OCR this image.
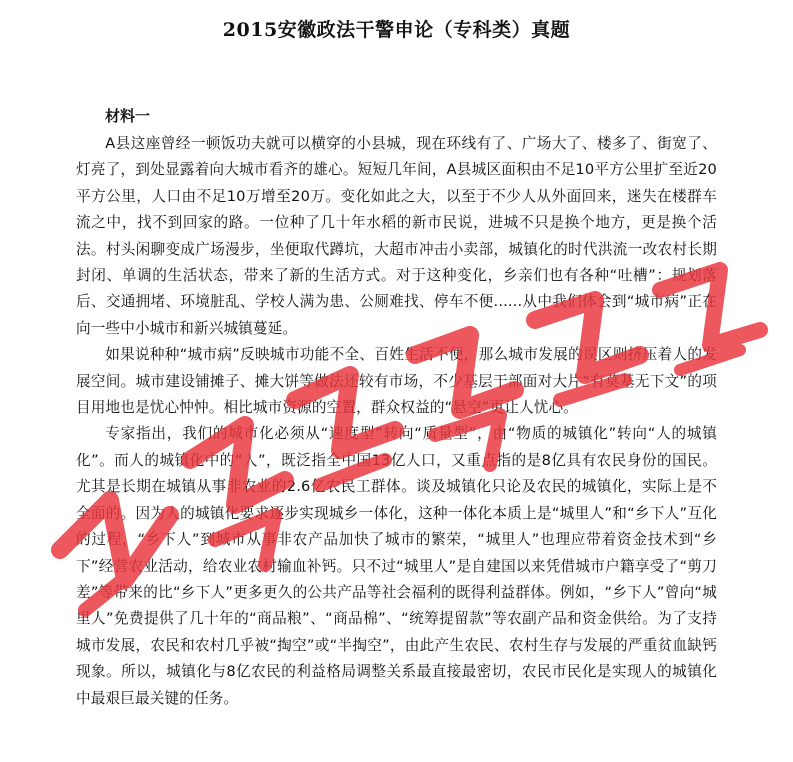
2015安徽政法干警申论（专科类）真题
材料一

A县这座曾经一顿饭功夫就可以横穿的小县城，现在环线有了、广场大了、楼多了、街宽了、灯亮了，到处显露着向大城市看齐的雄心。短短几年间，A县城区面积由不足10平方公里扩至近20平方公里，人口由不足10万增至20万。变化如此之大，以至于不少人从外面回来，迷失在楼群车流之中，找不到回家的路。一位种了几十年水稻的新市民说，进城不只是换个地方，更是换个活法。村头闲聊变成广场漫步，坐便取代蹲坑，大超市冲击小卖部，城镇化的时代洪流一改农村长期封闭、单调的生活状态，带来了新的生活方式。对于这种变化，乡亲们也有各种“吐槽”：规划落后、交通拥堵、环境脏乱、学校人满为患、公厕难找、停车不便......从中我们体会到“城市病”正在向一些中小城市和新兴城镇蔓延。

如果说种种“城市病”反映城市功能不全、百姓生活不便，那么城市发展的误区则挤压着人的发展空间。城市建设铺摊子、摊大饼等做法还较有市场，不少基层干部面对大片“有莫基无下文”的项目用地也是忧心忡忡。相比城市资源的空置，群众权益的“悬空”更让人忧心。

专家指出，我们的城市化必须从“速度型”转向“质量型”，由“物质的城镇化”转向“人的城镇化”。而人的城镇化中的“人”，既泛指全中国13亿人口，又重点指的是8亿具有农民身份的国民。尤其是长期在城镇从事非农业的2.6亿农民工群体。谈及城镇化只论及农民的城镇化，实际上是不全面的。因为人的城镇化要求逐步实现城乡一体化，这种一体化本质上是“城里人”和“乡下人”互化的过程，“乡下人”到城市从事非农产品加快了城市的繁荣，“城里人”也理应带着资金技术到“乡下”经营农业活动，给农业农村输血补钙。只不过“城里人”是自建国以来凭借城市户籍享受了“剪刀差”等带来的比“乡下人”更多更久的公共产品等社会福利的既得利益群体。例如，“乡下人”曾向“城里人”免费提供了几十年的“商品粮”、“商品棉”、“统筹提留款”等农副产品和资金供给。为了支持城市发展，农民和农村几乎被“掏空”或“半掏空”，由此产生农民、农村生存与发展的严重贫血缺钙现象。所以，城镇化与8亿农民的利益格局调整关系最直接最密切，农民市民化是实现人的城镇化中最艰巨最关键的任务。
